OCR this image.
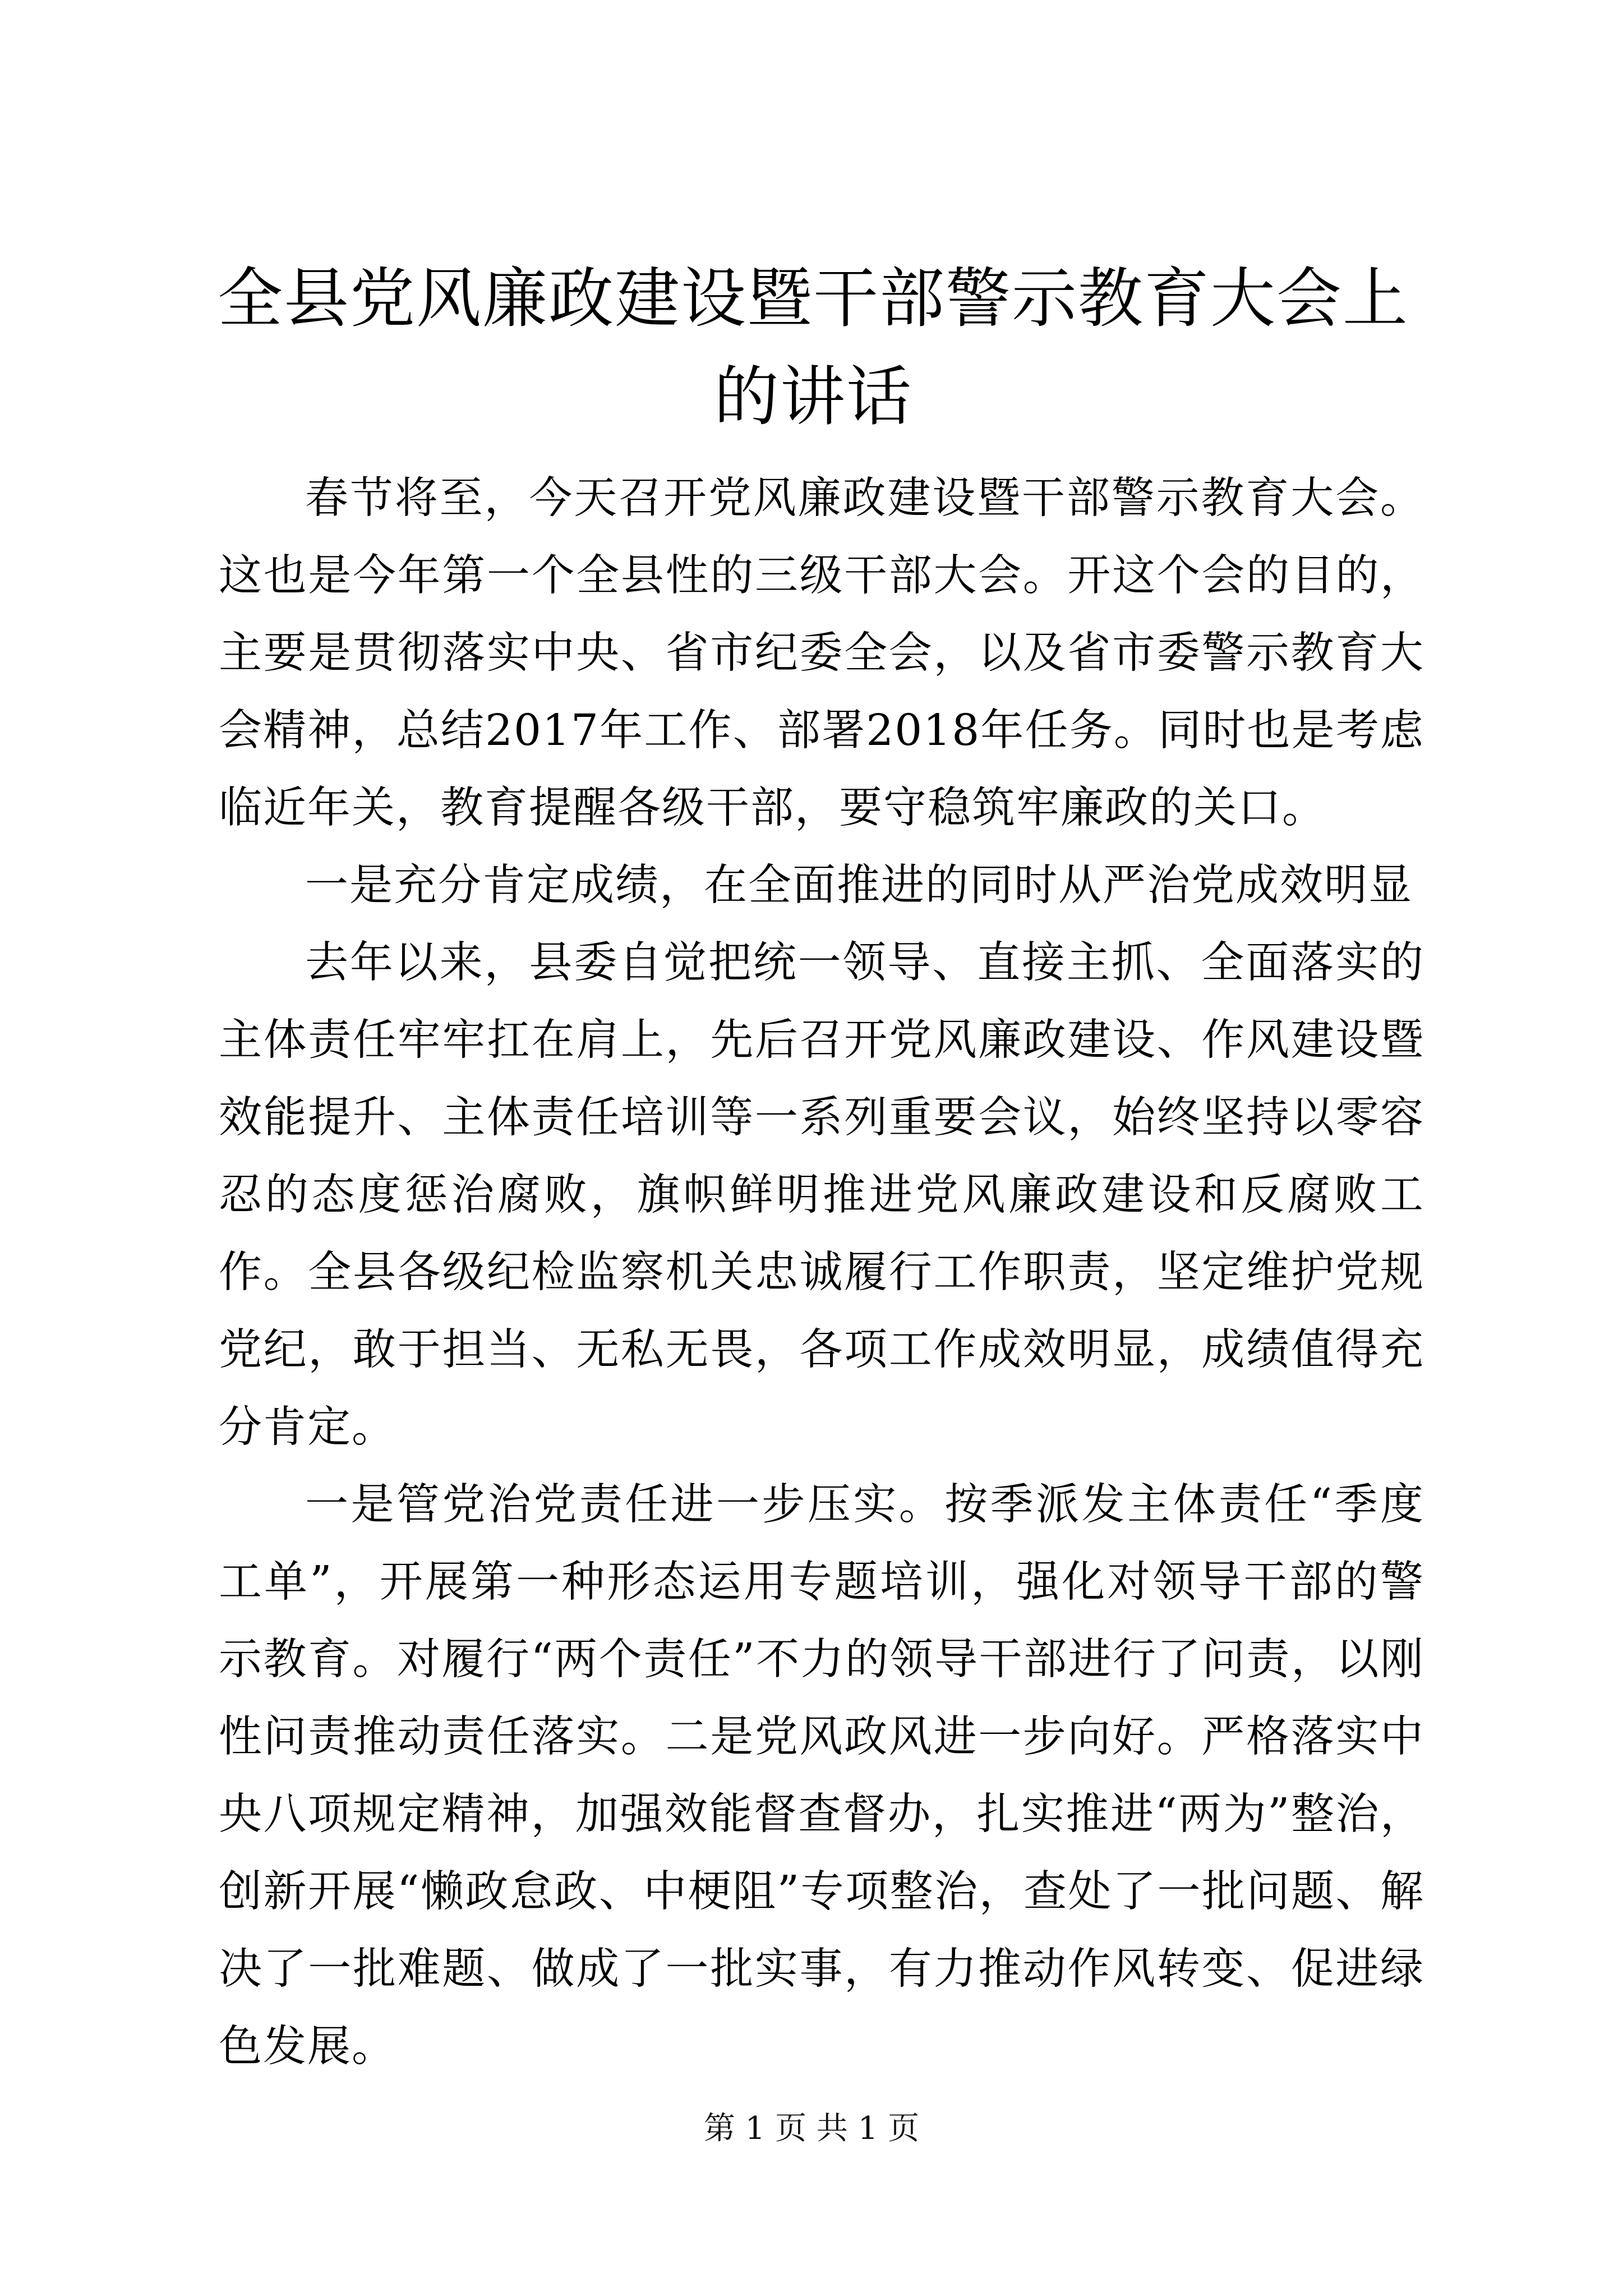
全县党风廉政建设暨干部警示教育大会上的讲话

春节将至，今天召开党风廉政建设暨干部警示教育大会。这也是今年第一个全县性的三级干部大会。开这个会的目的，主要是贯彻落实中央、省市纪委全会，以及省市委警示教育大会精神，总结2017年工作、部署2018年任务。同时也是考虑临近年关，教育提醒各级干部，要守稳筑牢廉政的关口。

一是充分肯定成绩，在全面推进的同时从严治党成效明显

去年以来，县委自觉把统一领导、直接主抓、全面落实的主体责任牢牢扛在肩上，先后召开党风廉政建设、作风建设暨效能提升、主体责任培训等一系列重要会议，始终坚持以零容忍的态度惩治腐败，旗帜鲜明推进党风廉政建设和反腐败工作。全县各级纪检监察机关忠诚履行工作职责，坚定维护党规党纪，敢于担当、无私无畏，各项工作成效明显，成绩值得充分肯定。

一是管党治党责任进一步压实。按季派发主体责任“季度工单”，开展第一种形态运用专题培训，强化对领导干部的警示教育。对履行“两个责任”不力的领导干部进行了问责，以刚性问责推动责任落实。二是党风政风进一步向好。严格落实中央八项规定精神，加强效能督查督办，扎实推进“两为”整治，创新开展“懒政怠政、中梗阻”专项整治，查处了一批问题、解决了一批难题、做成了一批实事，有力推动作风转变、促进绿色发展。

第 1 页 共 1 页
